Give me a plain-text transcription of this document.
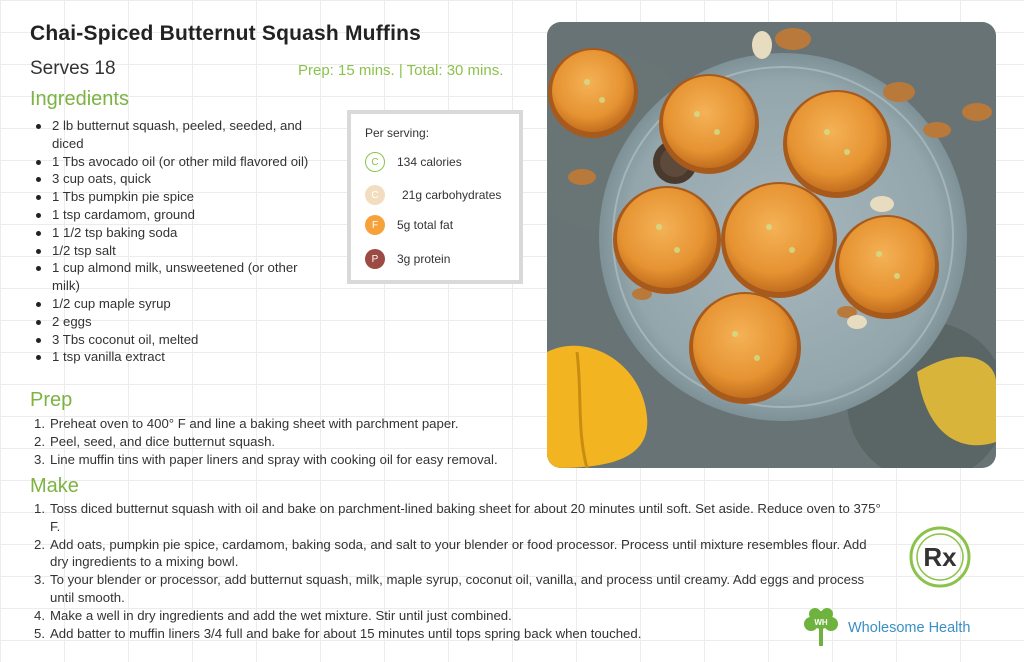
Chai-Spiced Butternut Squash Muffins
Serves 18	Prep: 15 mins. | Total: 30 mins.
Ingredients
2 lb butternut squash, peeled, seeded, and diced
1 Tbs avocado oil (or other mild flavored oil)
3 cup oats, quick
1 Tbs pumpkin pie spice
1 tsp cardamom, ground
1 1/2 tsp baking soda
1/2 tsp salt
1 cup almond milk, unsweetened (or other milk)
1/2 cup maple syrup
2 eggs
3 Tbs coconut oil, melted
1 tsp vanilla extract
Per serving:
C	134 calories
C	21g carbohydrates
F	5g total fat
P	3g protein
Prep
1. Preheat oven to 400° F and line a baking sheet with parchment paper.
2. Peel, seed, and dice butternut squash.
3. Line muffin tins with paper liners and spray with cooking oil for easy removal.
Make
1. Toss diced butternut squash with oil and bake on parchment-lined baking sheet for about 20 minutes until soft. Set aside. Reduce oven to 375° F.
2. Add oats, pumpkin pie spice, cardamom, baking soda, and salt to your blender or food processor. Process until mixture resembles flour. Add dry ingredients to a mixing bowl.
3. To your blender or processor, add butternut squash, milk, maple syrup, coconut oil, vanilla, and process until creamy. Add eggs and process until smooth.
4. Make a well in dry ingredients and add the wet mixture. Stir until just combined.
5. Add batter to muffin liners 3/4 full and bake for about 15 minutes until tops spring back when touched.
Rx
WH Wholesome Health
